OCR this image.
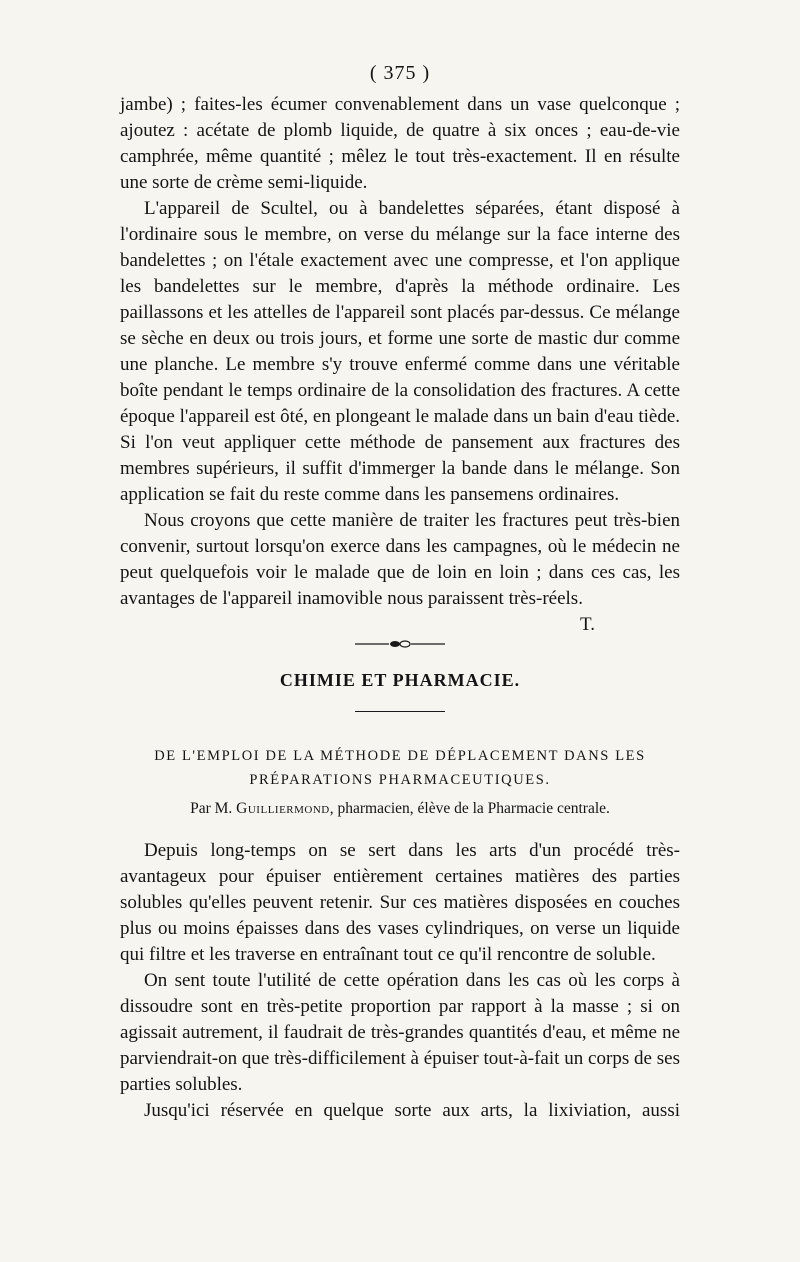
( 375 )

jambe) ; faites-les écumer convenablement dans un vase quelconque ; ajoutez : acétate de plomb liquide, de quatre à six onces ; eau-de-vie camphrée, même quantité ; mêlez le tout très-exactement. Il en résulte une sorte de crème semi-liquide.

L'appareil de Scultel, ou à bandelettes séparées, étant disposé à l'ordinaire sous le membre, on verse du mélange sur la face interne des bandelettes ; on l'étale exactement avec une compresse, et l'on applique les bandelettes sur le membre, d'après la méthode ordinaire. Les paillassons et les attelles de l'appareil sont placés par-dessus. Ce mélange se sèche en deux ou trois jours, et forme une sorte de mastic dur comme une planche. Le membre s'y trouve enfermé comme dans une véritable boîte pendant le temps ordinaire de la consolidation des fractures. A cette époque l'appareil est ôté, en plongeant le malade dans un bain d'eau tiède. Si l'on veut appliquer cette méthode de pansement aux fractures des membres supérieurs, il suffit d'immerger la bande dans le mélange. Son application se fait du reste comme dans les pansemens ordinaires.

Nous croyons que cette manière de traiter les fractures peut très-bien convenir, surtout lorsqu'on exerce dans les campagnes, où le médecin ne peut quelquefois voir le malade que de loin en loin ; dans ces cas, les avantages de l'appareil inamovible nous paraissent très-réels.

T.
CHIMIE ET PHARMACIE.
DE L'EMPLOI DE LA MÉTHODE DE DÉPLACEMENT DANS LES
PRÉPARATIONS PHARMACEUTIQUES.
Par M. Guilliermond, pharmacien, élève de la Pharmacie centrale.

Depuis long-temps on se sert dans les arts d'un procédé très-avantageux pour épuiser entièrement certaines matières des parties solubles qu'elles peuvent retenir. Sur ces matières disposées en couches plus ou moins épaisses dans des vases cylindriques, on verse un liquide qui filtre et les traverse en entraînant tout ce qu'il rencontre de soluble.

On sent toute l'utilité de cette opération dans les cas où les corps à dissoudre sont en très-petite proportion par rapport à la masse ; si on agissait autrement, il faudrait de très-grandes quantités d'eau, et même ne parviendrait-on que très-difficilement à épuiser tout-à-fait un corps de ses parties solubles.

Jusqu'ici réservée en quelque sorte aux arts, la lixiviation, aussi
